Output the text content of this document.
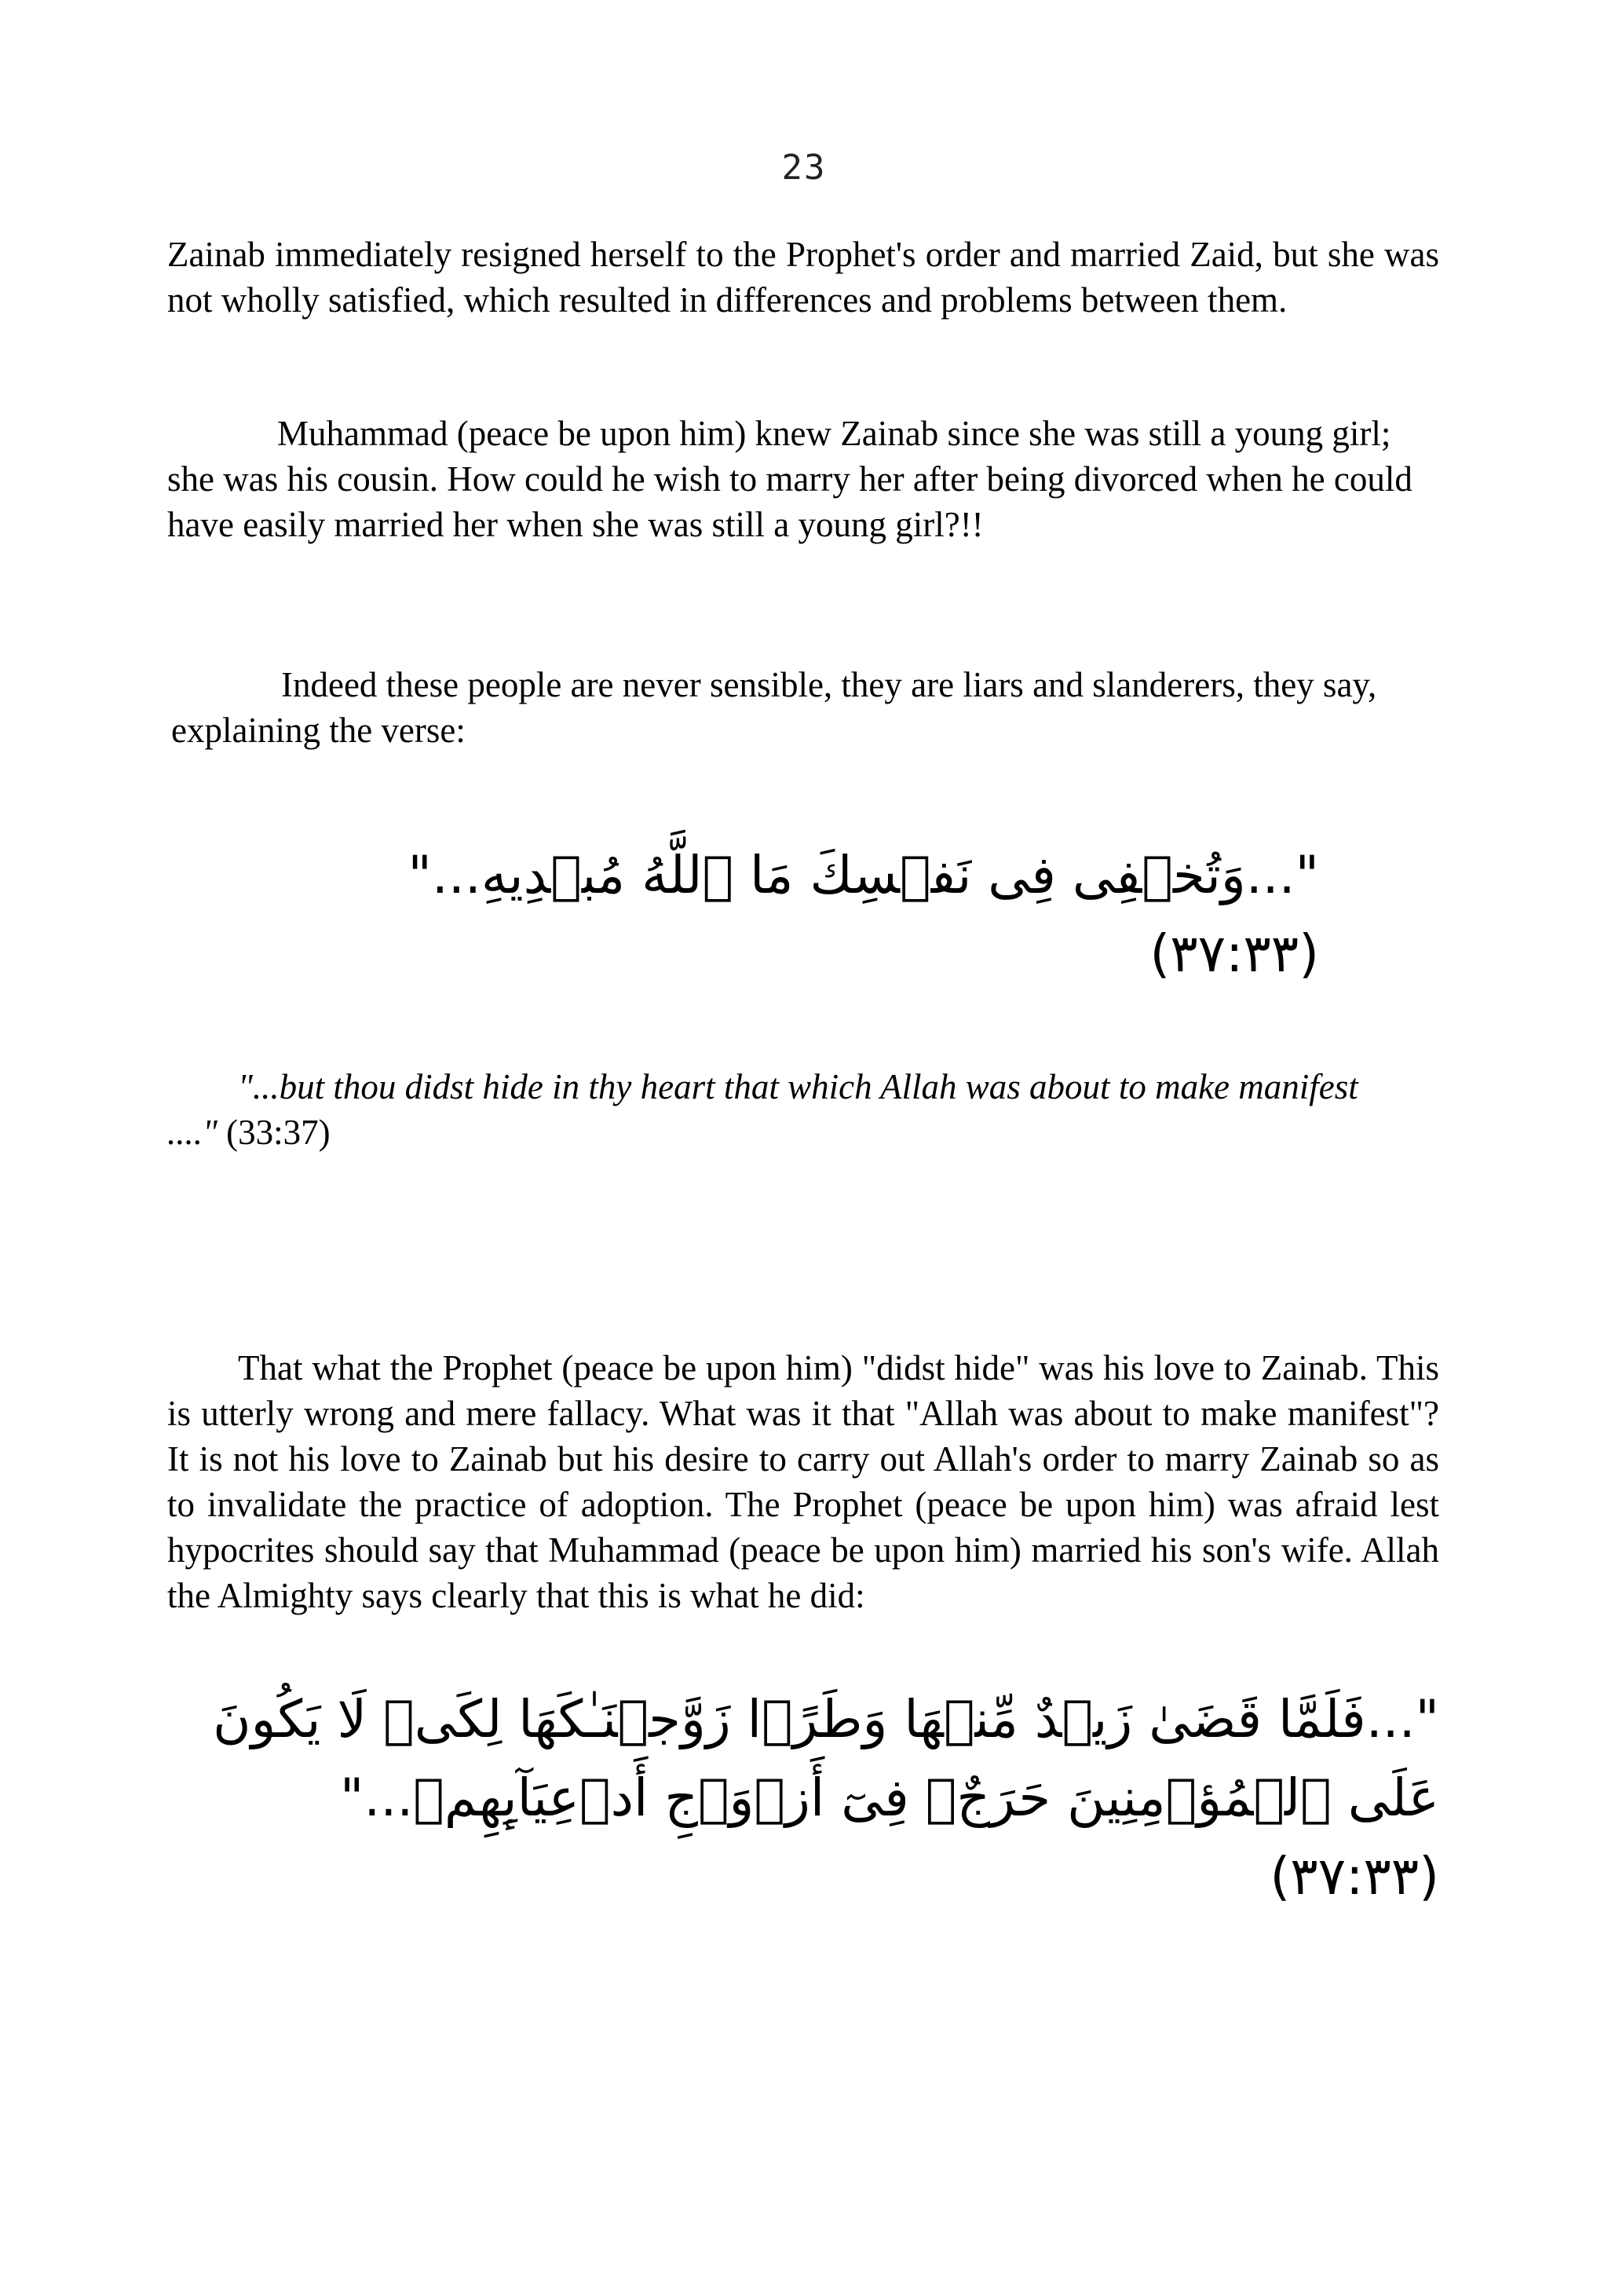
23

Zainab immediately resigned herself to the Prophet's order and married Zaid, but she was not wholly satisfied, which resulted in differences and problems between them.

Muhammad (peace be upon him) knew Zainab since she was still a young girl; she was his cousin. How could he wish to marry her after being divorced when he could have easily married her when she was still a young girl?!!

Indeed these people are never sensible, they are liars and slanderers, they say, explaining the verse:

"...وَتُخۡفِى فِى نَفۡسِكَ مَا ٱللَّهُ مُبۡدِيهِ..." (٣٧:٣٣)

"...but thou didst hide in thy heart that which Allah was about to make manifest ...." (33:37)

That what the Prophet (peace be upon him) "didst hide" was his love to Zainab. This is utterly wrong and mere fallacy. What was it that "Allah was about to make manifest"? It is not his love to Zainab but his desire to carry out Allah's order to marry Zainab so as to invalidate the practice of adoption. The Prophet (peace be upon him) was afraid lest hypocrites should say that Muhammad (peace be upon him) married his son's wife. Allah the Almighty says clearly that this is what he did:

"...فَلَمَّا قَضَىٰ زَيۡدٌ مِّنۡهَا وَطَرً۬ا زَوَّجۡنَـٰكَهَا لِكَىۡ لَا يَكُونَ عَلَى ٱلۡمُؤۡمِنِينَ حَرَجٌ۬ فِىٓ أَزۡوَٲجِ أَدۡعِيَآٮِٕهِمۡ..." (٣٧:٣٣)
